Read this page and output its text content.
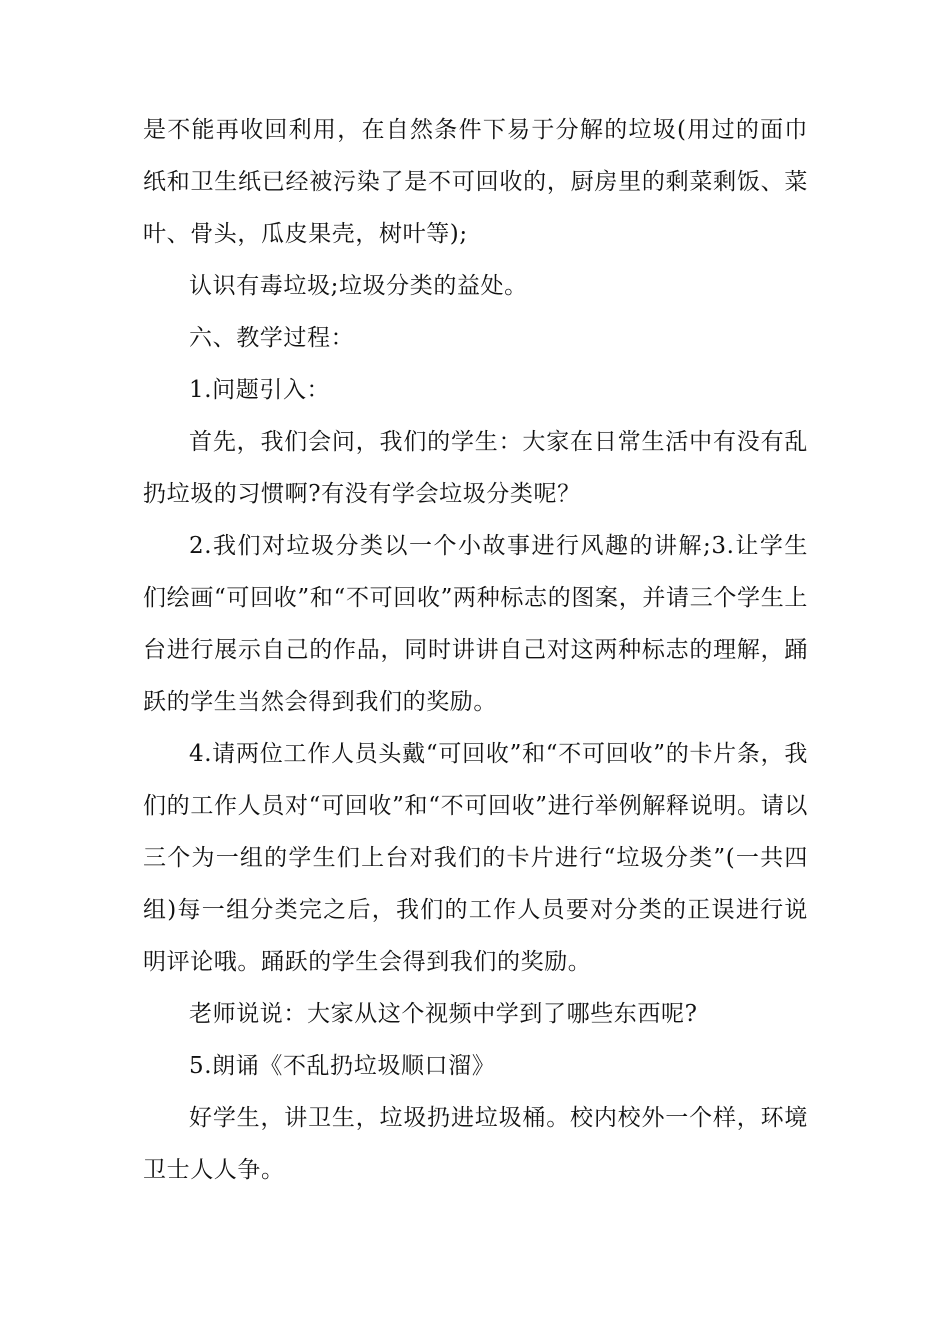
是不能再收回利用，在自然条件下易于分解的垃圾(用过的面巾纸和卫生纸已经被污染了是不可回收的，厨房里的剩菜剩饭、菜叶、骨头，瓜皮果壳，树叶等);

认识有毒垃圾;垃圾分类的益处。

六、教学过程：

1.问题引入：

首先，我们会问，我们的学生：大家在日常生活中有没有乱扔垃圾的习惯啊?有没有学会垃圾分类呢？

2.我们对垃圾分类以一个小故事进行风趣的讲解;3.让学生们绘画“可回收”和“不可回收”两种标志的图案，并请三个学生上台进行展示自己的作品，同时讲讲自己对这两种标志的理解，踊跃的学生当然会得到我们的奖励。

4.请两位工作人员头戴“可回收”和“不可回收”的卡片条，我们的工作人员对“可回收”和“不可回收”进行举例解释说明。请以三个为一组的学生们上台对我们的卡片进行“垃圾分类”(一共四组)每一组分类完之后，我们的工作人员要对分类的正误进行说明评论哦。踊跃的学生会得到我们的奖励。

老师说说：大家从这个视频中学到了哪些东西呢?

5.朗诵《不乱扔垃圾顺口溜》

好学生，讲卫生，垃圾扔进垃圾桶。校内校外一个样，环境卫士人人争。
